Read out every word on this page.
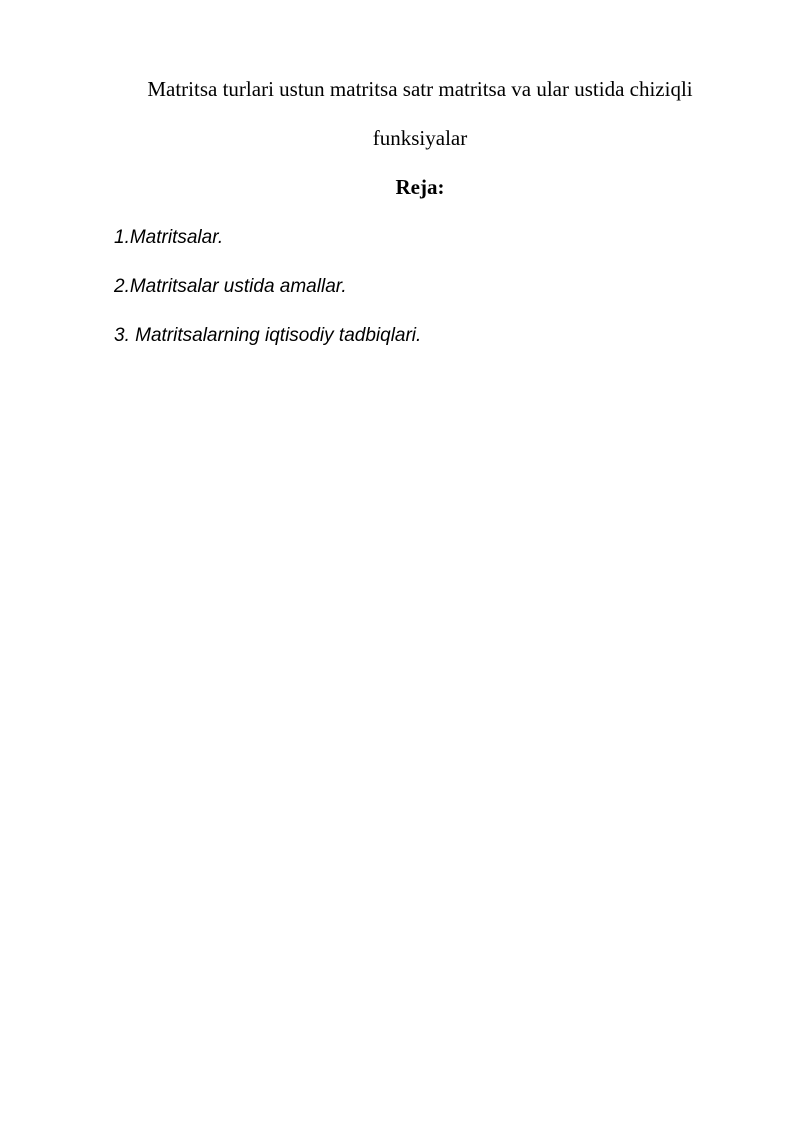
Matritsa turlari ustun matritsa satr matritsa va ular ustida chiziqli
funksiyalar
Reja:
1.Matritsalar.
2.Matritsalar ustida amallar.
3. Matritsalarning iqtisodiy tadbiqlari.
